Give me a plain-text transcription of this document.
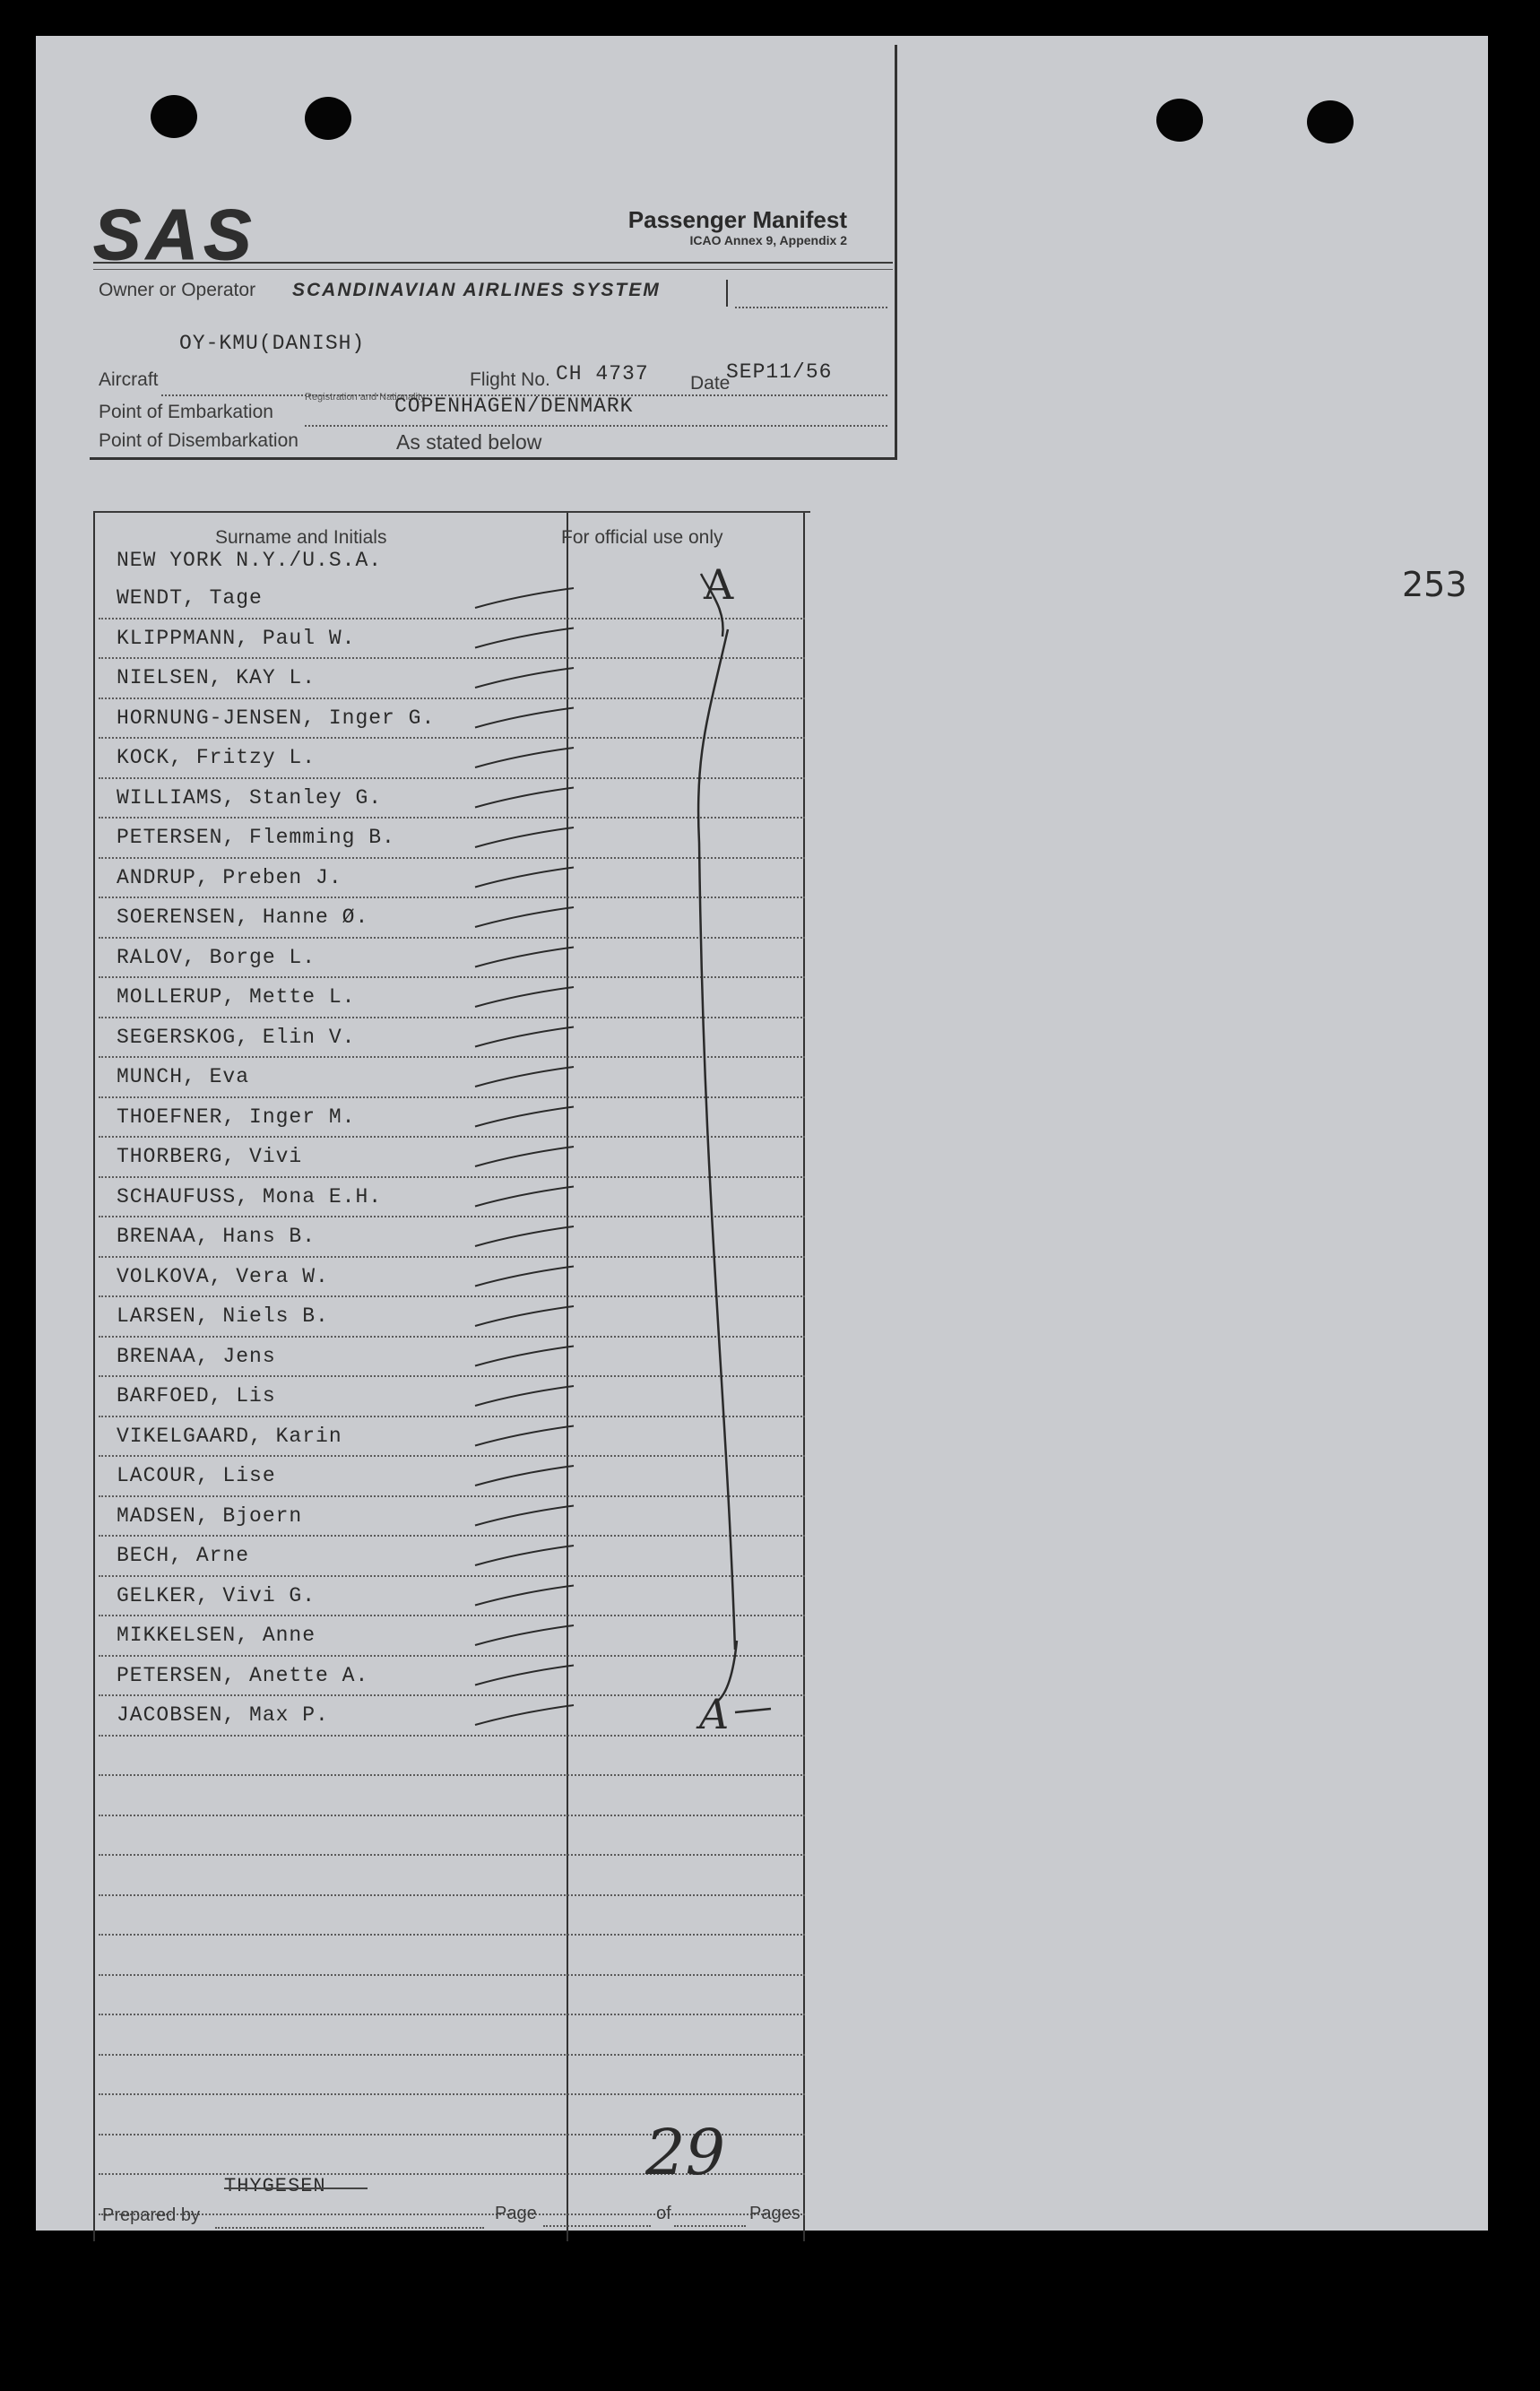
SAS	Passenger Manifest
ICAO Annex 9, Appendix 2
Owner or Operator SCANDINAVIAN AIRLINES SYSTEM
OY-KMU(DANISH)
Aircraft
Registration and Nationality
Flight No. CH 4737 Date
SEP11/56
Point of Embarkation	COPENHAGEN/DENMARK
Point of Disembarkation	As stated below
Surname and Initials	For official use only
NEW YORK N.Y./U.S.A.
WENDT, Tage
KLIPPMANN, Paul W.
NIELSEN, KAY L.
HORNUNG-JENSEN, Inger G.
KOCK, Fritzy L.
WILLIAMS, Stanley G.
PETERSEN, Flemming B.
ANDRUP, Preben J.
SOERENSEN, Hanne Ø.
RALOV, Borge L.
MOLLERUP, Mette L.
SEGERSKOG, Elin V.
MUNCH, Eva
THOEFNER, Inger M.
THORBERG, Vivi
SCHAUFUSS, Mona E.H.
BRENAA, Hans B.
VOLKOVA, Vera W.
LARSEN, Niels B.
BRENAA, Jens
BARFOED, Lis
VIKELGAARD, Karin
LACOUR, Lise
MADSEN, Bjoern
BECH, Arne
GELKER, Vivi G.
MIKKELSEN, Anne
PETERSEN, Anette A.
JACOBSEN, Max P.
A
A
THYGESEN
Prepared by	Page	of	Pages
29
253
